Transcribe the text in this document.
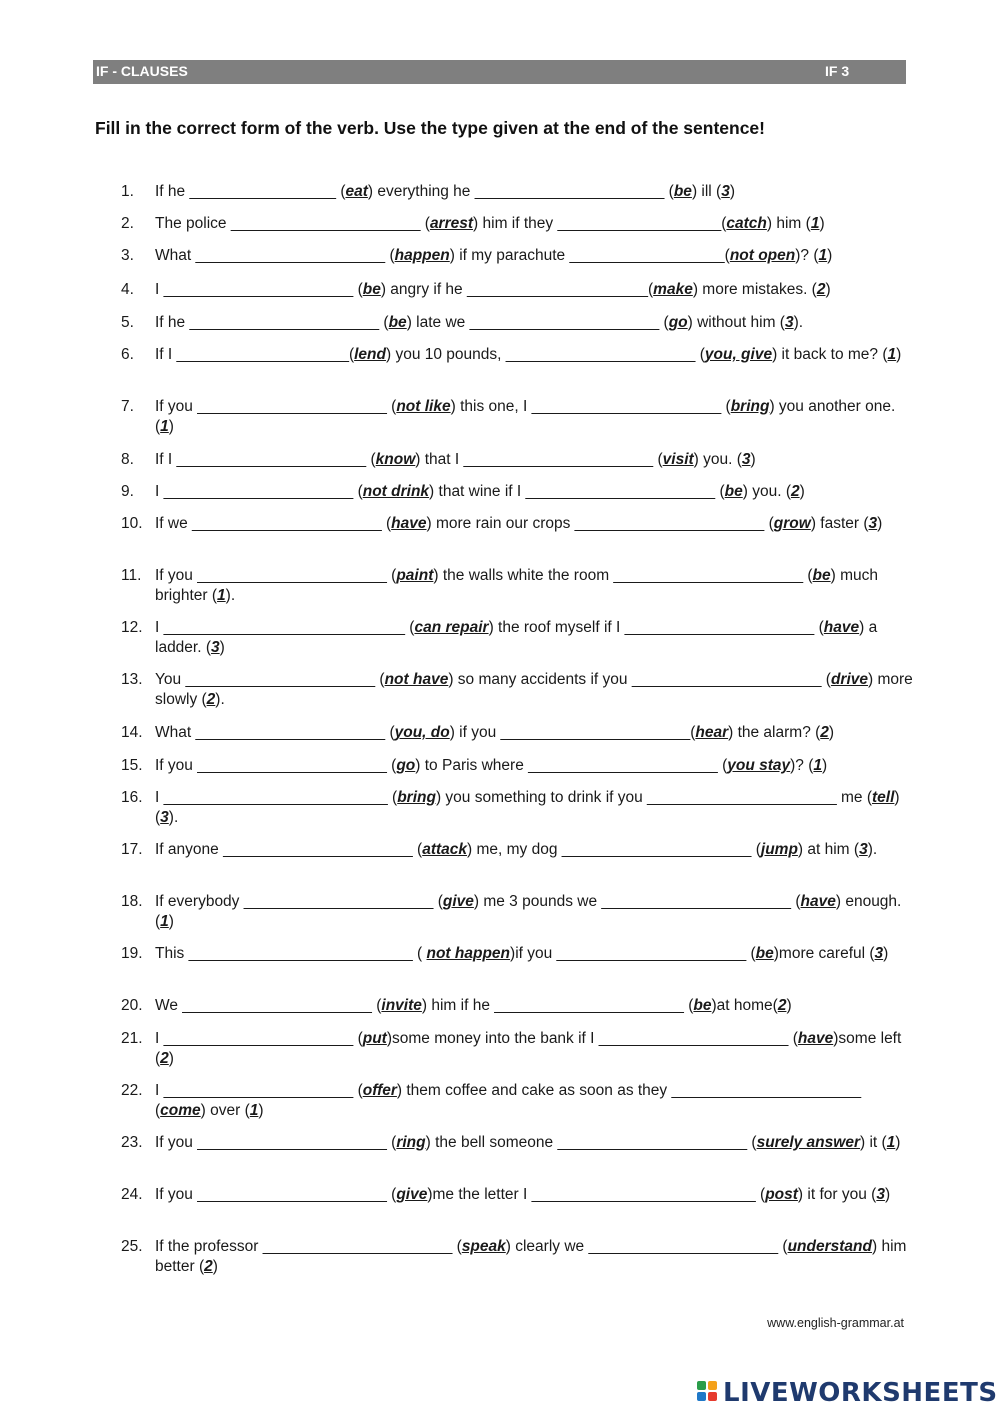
IF - CLAUSES	IF 3
Fill in the correct form of the verb. Use the type given at the end of the sentence!
1.	If he _________________ (eat) everything he ______________________ (be) ill (3)
2.	The police ______________________ (arrest) him if they ___________________(catch) him (1)
3.	What ______________________ (happen) if my parachute __________________(not open)? (1)
4.	I ______________________ (be) angry if he _____________________(make) more mistakes. (2)
5.	If he ______________________ (be) late we ______________________ (go) without him (3).
6.	If I ____________________(lend) you 10 pounds, ______________________ (you, give) it back to me? (1)
7.	If you ______________________ (not like) this one, I ______________________ (bring) you another one. (1)
8.	If I ______________________ (know) that I ______________________ (visit) you. (3)
9.	I ______________________ (not drink) that wine if I ______________________ (be) you. (2)
10. If we ______________________ (have) more rain our crops ______________________ (grow) faster (3)
11. If you ______________________ (paint) the walls white the room ______________________ (be) much brighter (1).
12. I ____________________________ (can repair) the roof myself if I ______________________ (have) a ladder. (3)
13. You ______________________ (not have) so many accidents if you ______________________ (drive) more slowly (2).
14. What ______________________ (you, do) if you ______________________(hear) the alarm? (2)
15. If you ______________________ (go) to Paris where ______________________ (you stay)? (1)
16. I __________________________ (bring) you something to drink if you ______________________ me (tell) (3).
17. If anyone ______________________ (attack) me, my dog ______________________ (jump) at him (3).
18. If everybody ______________________ (give) me 3 pounds we ______________________ (have) enough. (1)
19. This __________________________ ( not happen)if you ______________________ (be)more careful (3)
20. We ______________________ (invite) him if he ______________________ (be)at home(2)
21. I ______________________ (put)some money into the bank if I ______________________ (have)some left (2)
22. I ______________________ (offer) them coffee and cake as soon as they ______________________ (come) over (1)
23. If you ______________________ (ring) the bell someone ______________________ (surely answer) it (1)
24. If you ______________________ (give)me the letter I __________________________ (post) it for you (3)
25. If the professor ______________________ (speak) clearly we ______________________ (understand) him better (2)
www.english-grammar.at
LIVEWORKSHEETS
